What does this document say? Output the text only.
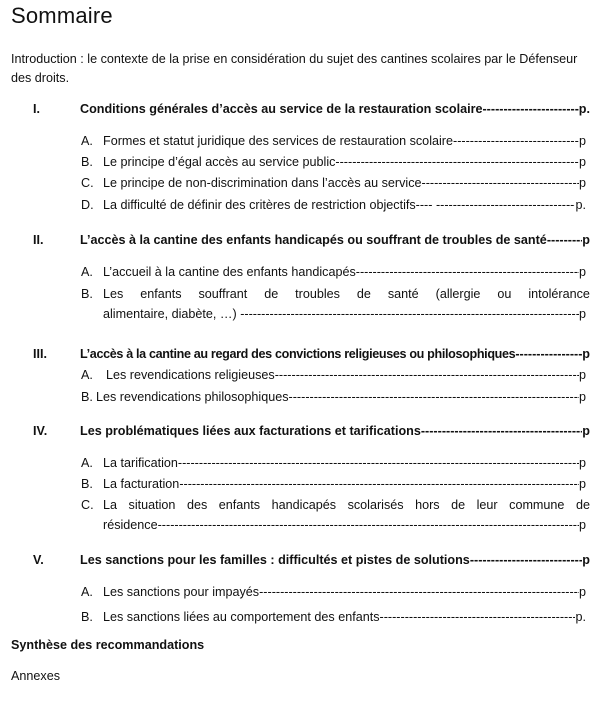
Sommaire
Introduction : le contexte de la prise en considération du sujet des cantines scolaires par le Défenseur des droits.
I.	Conditions générales d’accès au service de la restauration scolaire -----	p.
A. Formes et statut juridique des services de restauration scolaire -----	p
B. Le principe d’égal accès au service public -----	p
C. Le principe de non-discrimination dans l’accès au service -----	p
D. La difficulté de définir des critères de restriction objectifs---- -----	p.
II.	L’accès à la cantine des enfants handicapés ou souffrant de troubles de santé -----	p
A. L’accueil à la cantine des enfants handicapés -----	p
B. Les enfants souffrant de troubles de santé (allergie ou intolérance
alimentaire, diabète, …) -----	p
III.	L’accès à la cantine au regard des convictions religieuses ou philosophiques -----	p
A.	Les revendications religieuses -----	p
B. Les revendications philosophiques -----	p
IV.	Les problématiques liées aux facturations et tarifications -----	p
A. La tarification -----	p
B. La facturation -----	p
C. La situation des enfants handicapés scolarisés hors de leur commune de
résidence -----	p
V.	Les sanctions pour les familles : difficultés et pistes de solutions -----	p
A. Les sanctions pour impayés -----	p
B. Les sanctions liées au comportement des enfants -----	p.
Synthèse des recommandations
Annexes
